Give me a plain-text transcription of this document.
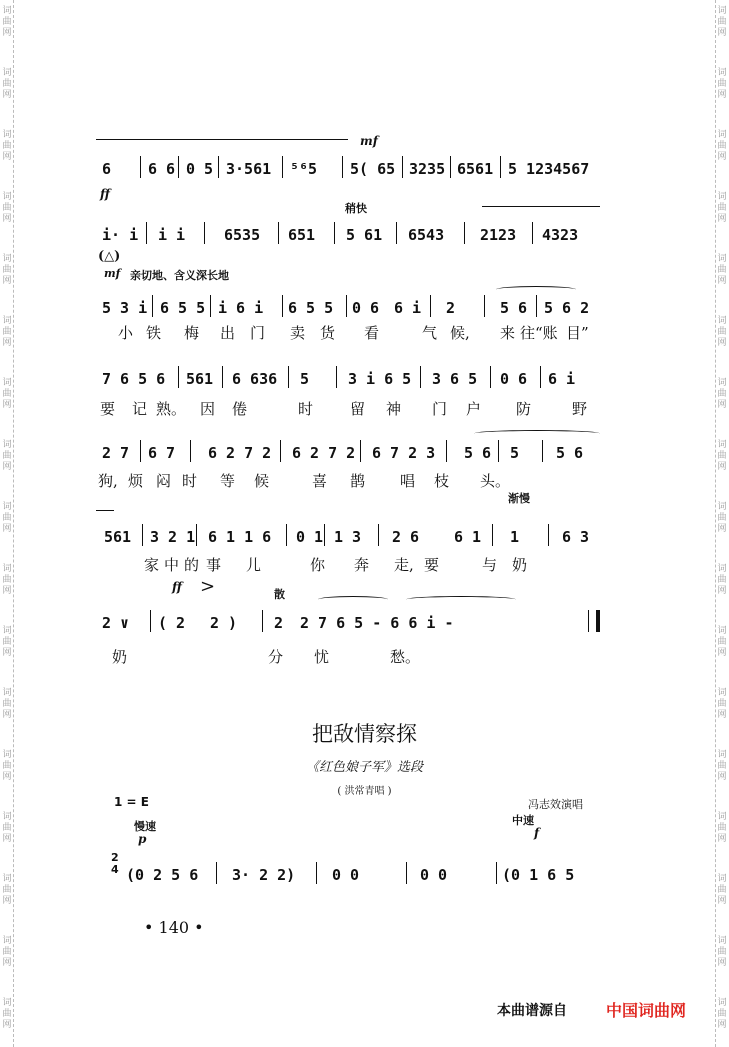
词
曲
网
词
曲
网
词
曲
网
词
曲
网
词
曲
网
词
曲
网
词
曲
网
词
曲
网
词
曲
网
词
曲
网
词
曲
网
词
曲
网
词
曲
网
词
曲
网
词
曲
网
词
曲
网
词
曲
网
词
曲
网
词
曲
网
词
曲
网
词
曲
网
词
曲
网
词
曲
网
词
曲
网
词
曲
网
词
曲
网
词
曲
网
词
曲
网
词
曲
网
词
曲
网
词
曲
网
词
曲
网
词
曲
网
词
曲
网
mf
6 6 6 0 5 3·561 ⁵⁶5 5( 65 3235 6561 5 1234567
ff
稍快
i· i i i	6535 651 5 61 6543 2123 4323
(△)
mf 亲切地、含义深长地
5 3 i 6 5 5 i 6 i 6 5 5 0 6 6 i 2	5 6 5 6 2
小 铁 梅 出 门 卖 货 看	气 候, 来 往“账 目”
7 6 5 6 561 6 636 5	3 i 6 5 3 6 5 0 6 6 i
要 记 熟。 因 倦	时 留 神 门 户 防	野
2 7 6 7 6 2 7 2 6 2 7 2 6 7 2 3 5 6 5 5 6
狗, 烦 闷 时 等 候	喜 鹊 唱 枝 头。
渐慢
561 3 2 1 6 1 1 6 0 1 1 3 2 6 6 1 1	6 3
家 中 的 事 儿	你 奔 走, 要	与 奶
ff >	散
2 ∨ ( 2 2 ) 2 2 7 6 5 - 6 6 i -
奶	分 忧	愁。
把敌情察探
《红色娘子军》选段
( 洪常青唱 )
1 = E	冯志效演唱
慢速
p
中速
f
2
4 (0 2 5 6 3· 2 2) 0 0	0 0	(0 1 6 5
• 140 •
本曲谱源自 中国词曲网
